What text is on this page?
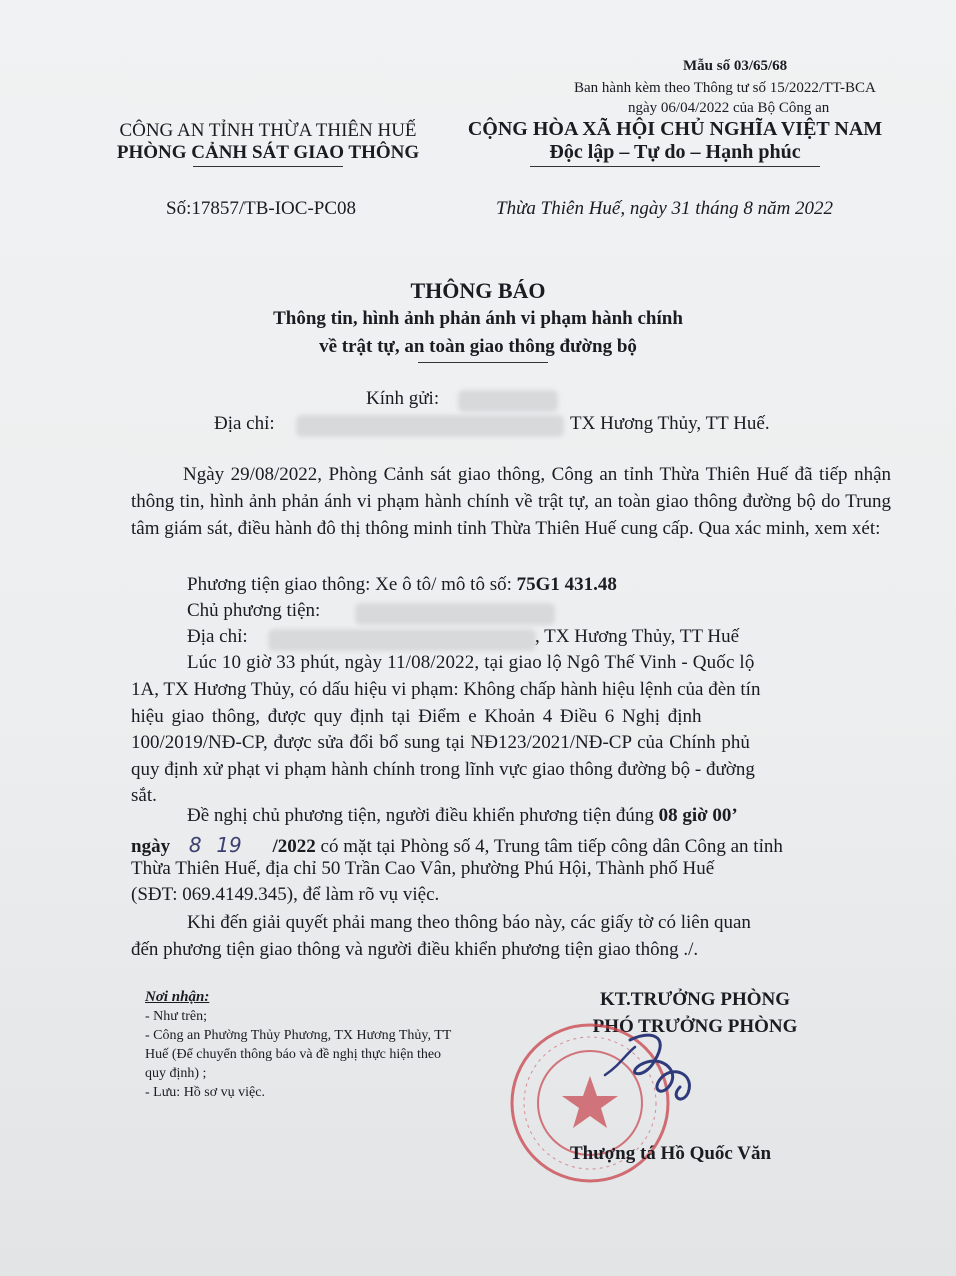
Mẫu số 03/65/68
Ban hành kèm theo Thông tư số 15/2022/TT-BCA
ngày 06/04/2022 của Bộ Công an
CÔNG AN TỈNH THỪA THIÊN HUẾ
PHÒNG CẢNH SÁT GIAO THÔNG
CỘNG HÒA XÃ HỘI CHỦ NGHĨA VIỆT NAM
Độc lập – Tự do – Hạnh phúc
Số:17857/TB-IOC-PC08	Thừa Thiên Huế, ngày 31 tháng 8 năm 2022
THÔNG BÁO
Thông tin, hình ảnh phản ánh vi phạm hành chính
về trật tự, an toàn giao thông đường bộ
Kính gửi:
Địa chỉ:	TX Hương Thủy, TT Huế.
Ngày 29/08/2022, Phòng Cảnh sát giao thông, Công an tỉnh Thừa Thiên Huế đã tiếp nhận thông tin, hình ảnh phản ánh vi phạm hành chính về trật tự, an toàn giao thông đường bộ do Trung tâm giám sát, điều hành đô thị thông minh tỉnh Thừa Thiên Huế cung cấp. Qua xác minh, xem xét:
Phương tiện giao thông: Xe ô tô/ mô tô số: 75G1 431.48
Chủ phương tiện:
Địa chỉ:	, TX Hương Thủy, TT Huế
Lúc 10 giờ 33 phút, ngày 11/08/2022, tại giao lộ Ngô Thế Vinh - Quốc lộ
1A, TX Hương Thủy, có dấu hiệu vi phạm: Không chấp hành hiệu lệnh của đèn tín
hiệu giao thông, được quy định tại Điểm e Khoản 4 Điều 6 Nghị định
100/2019/NĐ-CP, được sửa đổi bổ sung tại NĐ123/2021/NĐ-CP của Chính phủ
quy định xử phạt vi phạm hành chính trong lĩnh vực giao thông đường bộ - đường
sắt.
Đề nghị chủ phương tiện, người điều khiển phương tiện đúng 08 giờ 00’
ngày 8 19 /2022 có mặt tại Phòng số 4, Trung tâm tiếp công dân Công an tỉnh
Thừa Thiên Huế, địa chỉ 50 Trần Cao Vân, phường Phú Hội, Thành phố Huế
(SĐT: 069.4149.345), để làm rõ vụ việc.
Khi đến giải quyết phải mang theo thông báo này, các giấy tờ có liên quan
đến phương tiện giao thông và người điều khiển phương tiện giao thông ./.
Nơi nhận:
- Như trên;
- Công an Phường Thủy Phương, TX Hương Thủy, TT Huế (Để chuyển thông báo và đề nghị thực hiện theo quy định) ;
- Lưu: Hồ sơ vụ việc.
KT.TRƯỞNG PHÒNG
PHÓ TRƯỞNG PHÒNG
Thượng tá Hồ Quốc Văn
